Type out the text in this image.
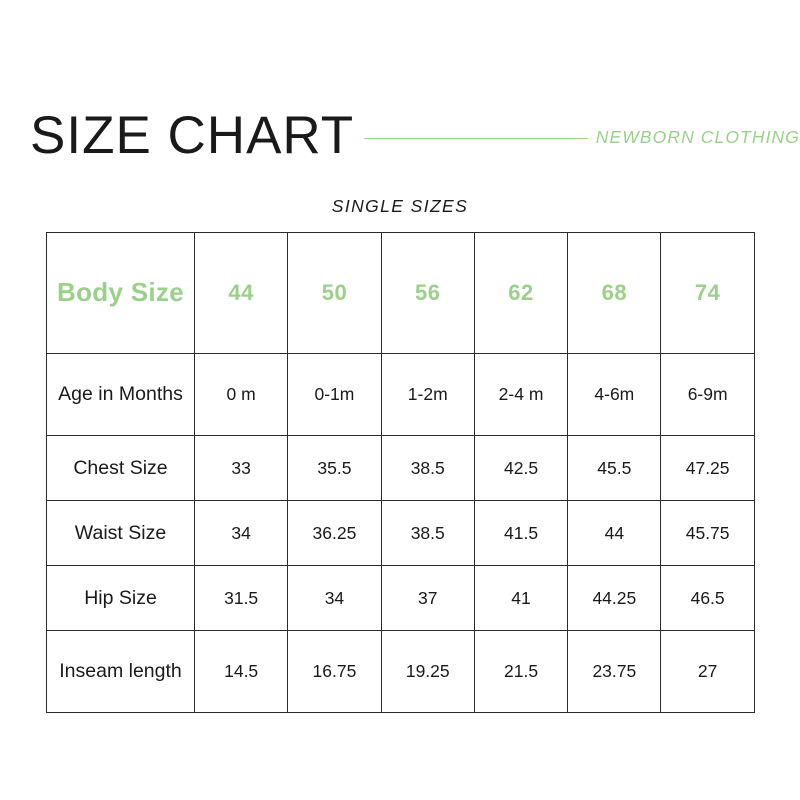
SIZE CHART	NEWBORN CLOTHING
SINGLE SIZES
Body Size	44	50	56	62	68	74
Age in Months	0 m	0-1m	1-2m	2-4 m	4-6m	6-9m
Chest Size	33	35.5	38.5	42.5	45.5	47.25
Waist Size	34	36.25	38.5	41.5	44	45.75
Hip Size	31.5	34	37	41	44.25	46.5
Inseam length	14.5	16.75	19.25	21.5	23.75	27
